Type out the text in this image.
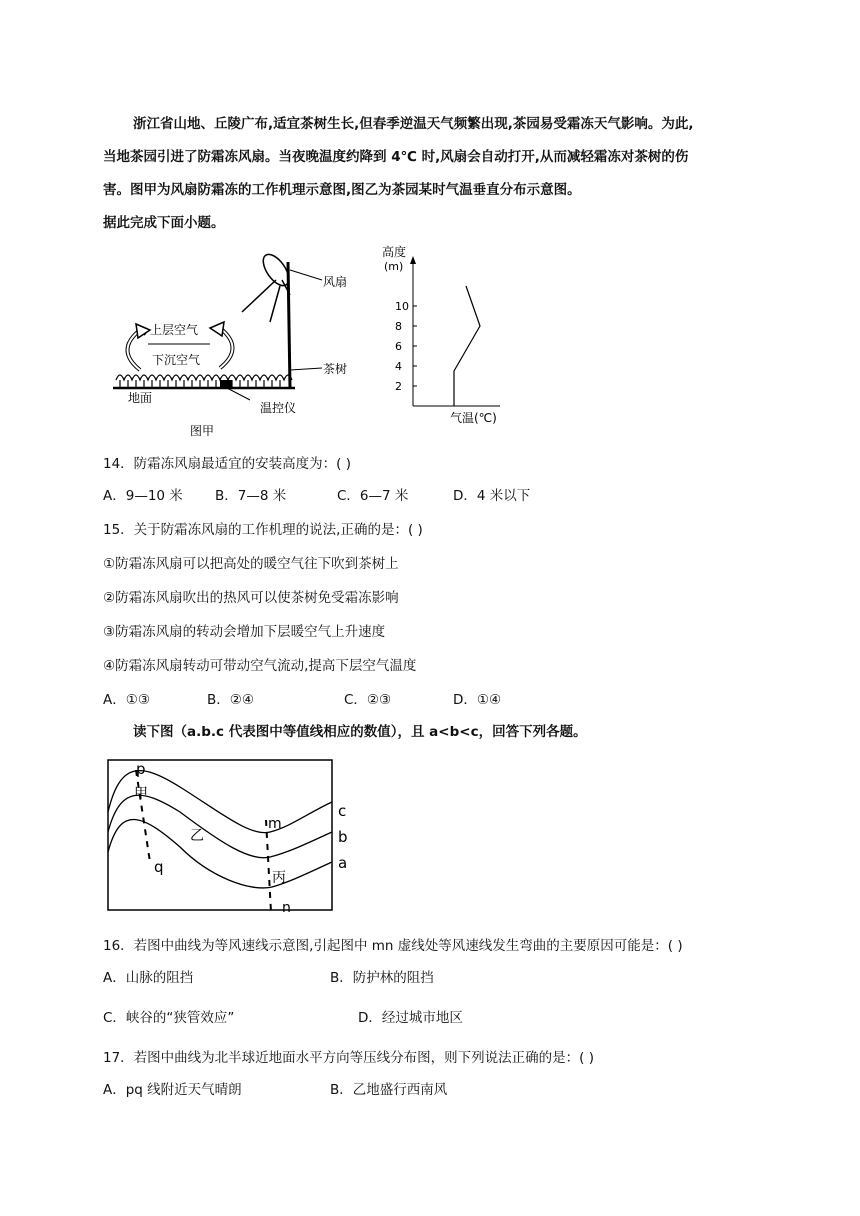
浙江省山地、丘陵广布,适宜茶树生长,但春季逆温天气频繁出现,茶园易受霜冻天气影响。为此,
当地茶园引进了防霜冻风扇。当夜晚温度约降到 4℃ 时,风扇会自动打开,从而减轻霜冻对茶树的伤
害。图甲为风扇防霜冻的工作机理示意图,图乙为茶园某时气温垂直分布示意图。
据此完成下面小题。
上层空气
下沉空气
风扇
茶树
地面
温控仪
图甲
高度
(m)
2
4
6
8
10
气温(℃)
14．防霜冻风扇最适宜的安装高度为：( )
A．9—10 米 B．7—8 米	C．6—7 米	D．4 米以下
15．关于防霜冻风扇的工作机理的说法,正确的是：( )
①防霜冻风扇可以把高处的暖空气往下吹到茶树上
②防霜冻风扇吹出的热风可以使茶树免受霜冻影响
③防霜冻风扇的转动会增加下层暖空气上升速度
④防霜冻风扇转动可带动空气流动,提高下层空气温度
A．①③	B．②④	C．②③	D．①④
读下图（a.b.c 代表图中等值线相应的数值），且 a<b<c，回答下列各题。
p
q
m
n
甲
乙
丙
c
b
a
16．若图中曲线为等风速线示意图,引起图中 mn 虚线处等风速线发生弯曲的主要原因可能是：( )
A．山脉的阻挡	B．防护林的阻挡
C．峡谷的“狭管效应”	D．经过城市地区
17．若图中曲线为北半球近地面水平方向等压线分布图，则下列说法正确的是：( )
A．pq 线附近天气晴朗	B．乙地盛行西南风
